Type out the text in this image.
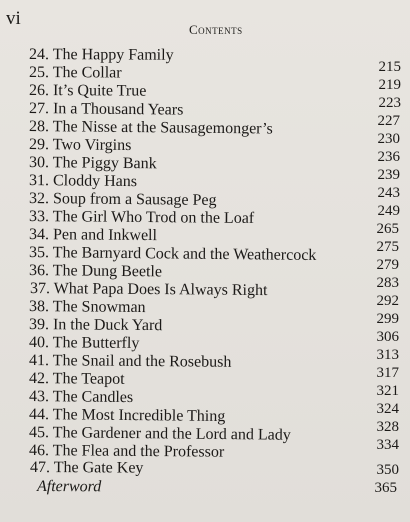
vi
Contents
24. The Happy Family
25. The Collar
26. It’s Quite True
27. In a Thousand Years
28. The Nisse at the Sausagemonger’s
29. Two Virgins
30. The Piggy Bank
31. Cloddy Hans
32. Soup from a Sausage Peg
33. The Girl Who Trod on the Loaf
34. Pen and Inkwell
35. The Barnyard Cock and the Weathercock
36. The Dung Beetle
37. What Papa Does Is Always Right
38. The Snowman
39. In the Duck Yard
40. The Butterfly
41. The Snail and the Rosebush
42. The Teapot
43. The Candles
44. The Most Incredible Thing
45. The Gardener and the Lord and Lady
46. The Flea and the Professor
47. The Gate Key
Afterword
215
219
223
227
230
236
239
243
249
265
275
279
283
292
299
306
313
317
321
324
328
334
350
365
